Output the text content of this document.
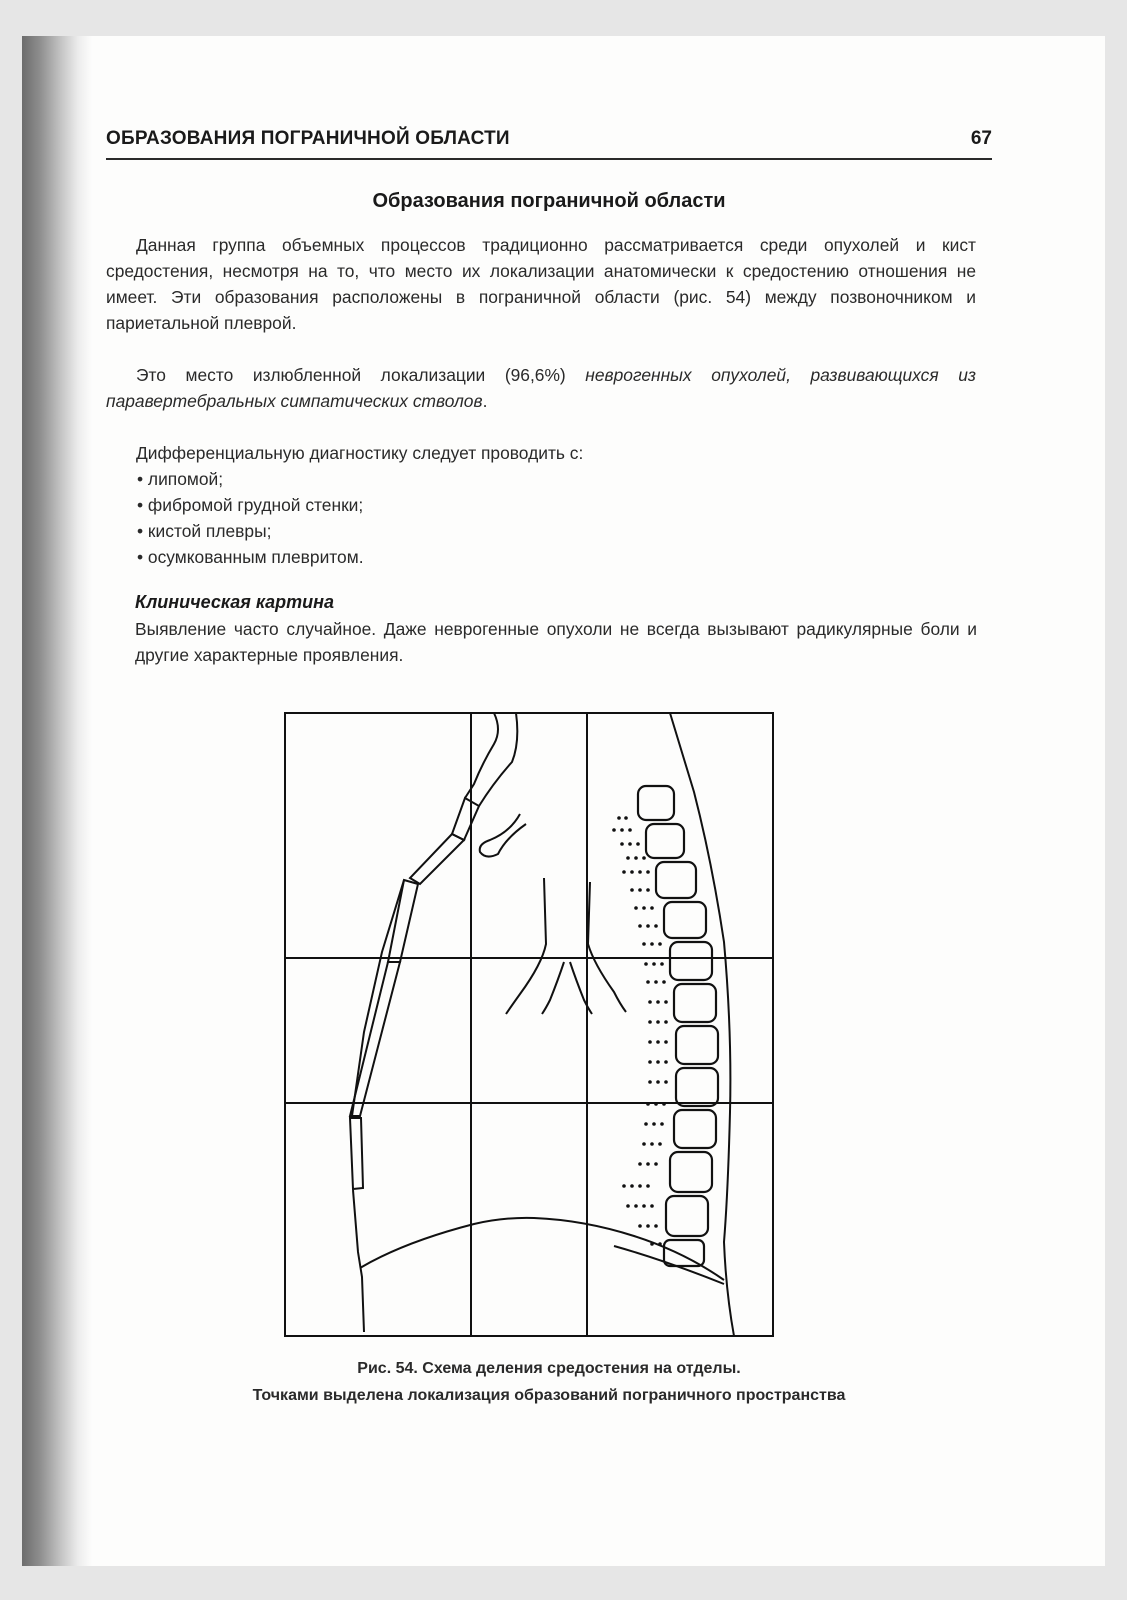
ОБРАЗОВАНИЯ ПОГРАНИЧНОЙ ОБЛАСТИ	67
Образования пограничной области
Данная группа объемных процессов традиционно рассматривается среди опухолей и кист средостения, несмотря на то, что место их локализации анатомически к средостению отношения не имеет. Эти образования расположены в пограничной области (рис. 54) между позвоночником и париетальной плеврой.
Это место излюбленной локализации (96,6%) неврогенных опухолей, развивающихся из паравертебральных симпатических стволов.
Дифференциальную диагностику следует проводить с:
• липомой;
• фибромой грудной стенки;
• кистой плевры;
• осумкованным плевритом.
Клиническая картина
Выявление часто случайное. Даже неврогенные опухоли не всегда вызывают радикулярные боли и другие характерные проявления.
Рис. 54. Схема деления средостения на отделы.
Точками выделена локализация образований пограничного пространства
